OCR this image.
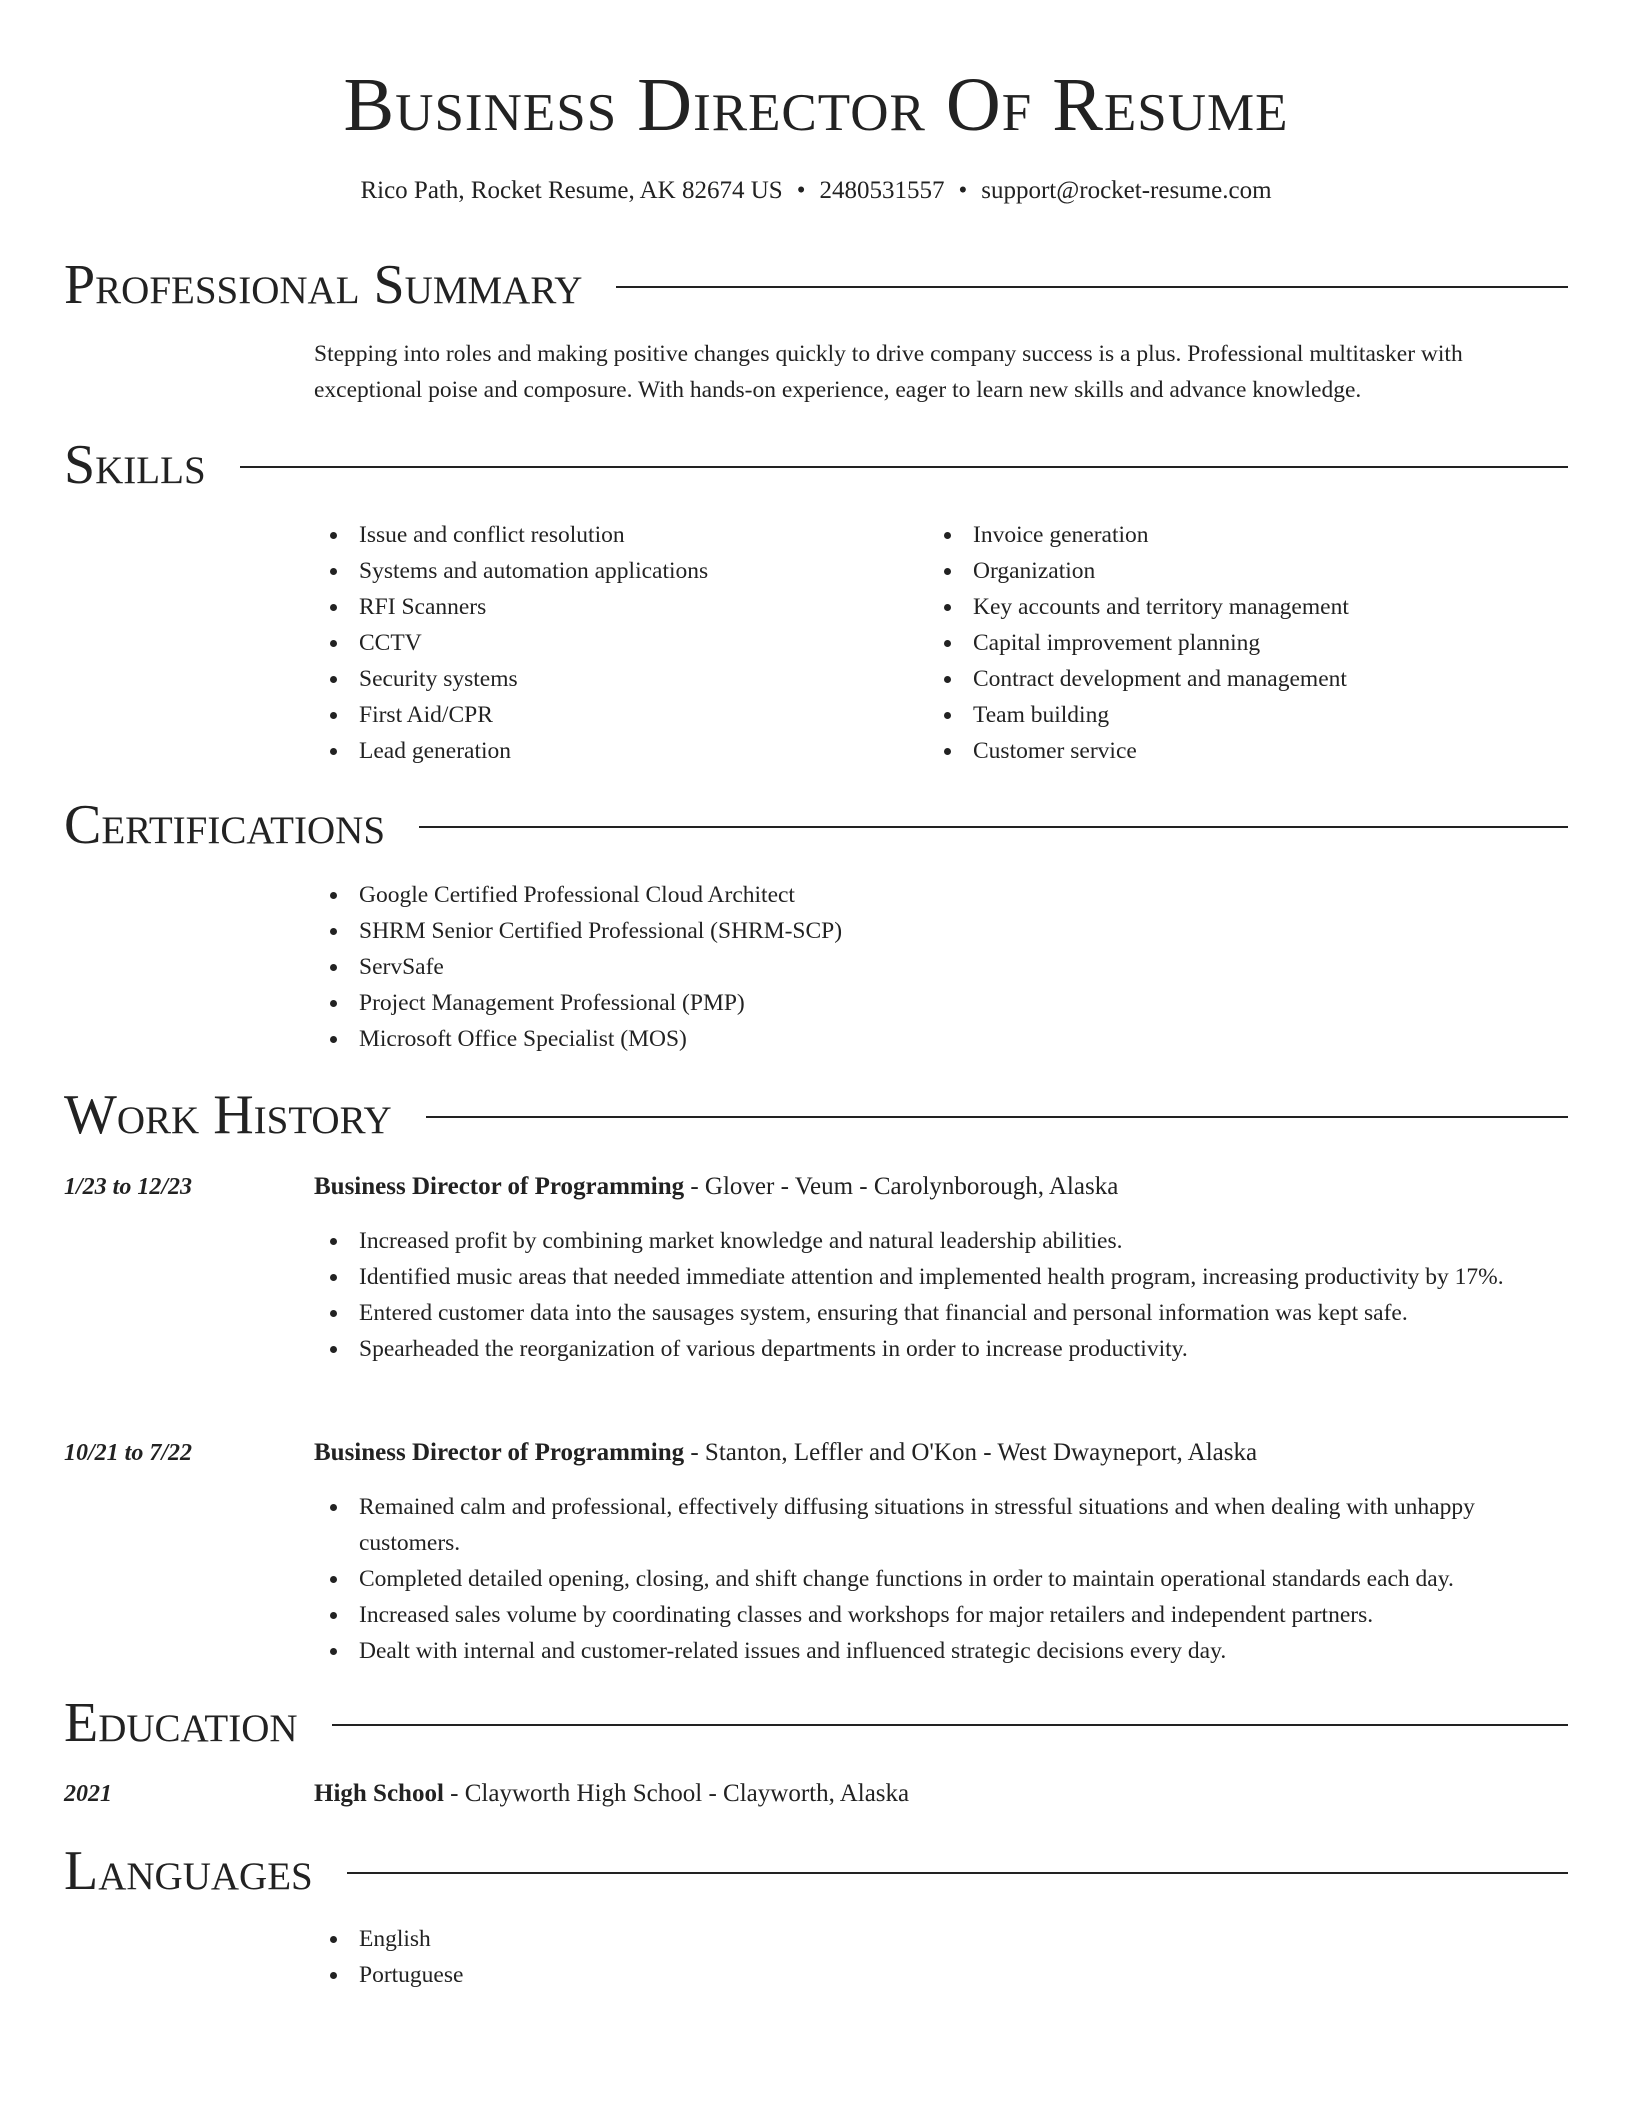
Business Director Of Resume
Rico Path, Rocket Resume, AK 82674 US • 2480531557 • support@rocket-resume.com
Professional Summary
Stepping into roles and making positive changes quickly to drive company success is a plus. Professional multitasker with exceptional poise and composure. With hands-on experience, eager to learn new skills and advance knowledge.
Skills
Issue and conflict resolution
Systems and automation applications
RFI Scanners
CCTV
Security systems
First Aid/CPR
Lead generation
Invoice generation
Organization
Key accounts and territory management
Capital improvement planning
Contract development and management
Team building
Customer service
Certifications
Google Certified Professional Cloud Architect
SHRM Senior Certified Professional (SHRM-SCP)
ServSafe
Project Management Professional (PMP)
Microsoft Office Specialist (MOS)
Work History
1/23 to 12/23	Business Director of Programming - Glover - Veum - Carolynborough, Alaska
Increased profit by combining market knowledge and natural leadership abilities.
Identified music areas that needed immediate attention and implemented health program, increasing productivity by 17%.
Entered customer data into the sausages system, ensuring that financial and personal information was kept safe.
Spearheaded the reorganization of various departments in order to increase productivity.
10/21 to 7/22	Business Director of Programming - Stanton, Leffler and O'Kon - West Dwayneport, Alaska
Remained calm and professional, effectively diffusing situations in stressful situations and when dealing with unhappy customers.
Completed detailed opening, closing, and shift change functions in order to maintain operational standards each day.
Increased sales volume by coordinating classes and workshops for major retailers and independent partners.
Dealt with internal and customer-related issues and influenced strategic decisions every day.
Education
2021	High School - Clayworth High School - Clayworth, Alaska
Languages
English
Portuguese
